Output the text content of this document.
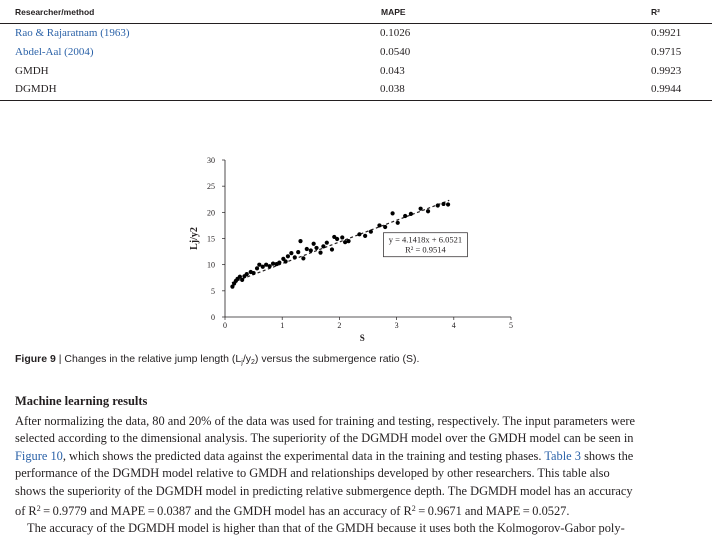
Researcher/method	MAPE	R²
Rao & Rajaratnam (1963)	0.1026	0.9921
Abdel-Aal (2004)	0.0540	0.9715
GMDH	0.043	0.9923
DGMDH	0.038	0.9944
0
5
10
15
20
25
30
0	1	2	3	4	5
Lj/y2
S
y = 4.1418x + 6.0521
R² = 0.9514
Figure 9 | Changes in the relative jump length $(L_j/y_2)$ versus the submergence ratio (S).
Machine learning results
After normalizing the data, 80 and 20% of the data was used for training and testing, respectively. The input parameters were
selected according to the dimensional analysis. The superiority of the DGMDH model over the GMDH model can be seen in
Figure 10, which shows the predicted data against the experimental data in the training and testing phases. Table 3 shows the
performance of the DGMDH model relative to GMDH and relationships developed by other researchers. This table also
shows the superiority of the DGMDH model in predicting relative submergence depth. The DGMDH model has an accuracy
of $R^2 = 0.9779$ and MAPE = 0.0387 and the GMDH model has an accuracy of $R^2 = 0.9671$ and MAPE = 0.0527.
The accuracy of the DGMDH model is higher than that of the GMDH because it uses both the Kolmogorov-Gabor poly-
